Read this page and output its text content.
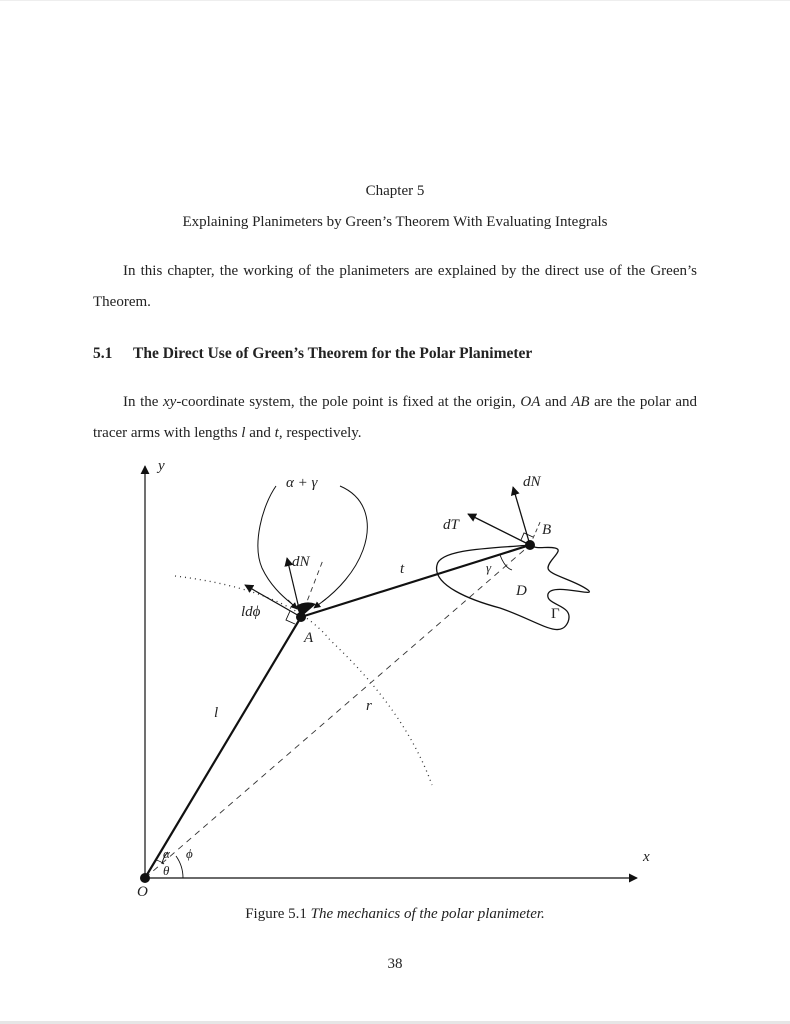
Chapter 5
Explaining Planimeters by Green’s Theorem With Evaluating Integrals
In this chapter, the working of the planimeters are explained by the direct use of the Green’s Theorem.
5.1 The Direct Use of Green’s Theorem for the Polar Planimeter
In the xy-coordinate system, the pole point is fixed at the origin, OA and AB are the polar and tracer arms with lengths l and t, respectively.
y
x
O
A
B
l
t
r
α + γ
dN
dN
dT
ldϕ
γ
D
Γ
α
θ
ϕ
Figure 5.1 The mechanics of the polar planimeter.
38
